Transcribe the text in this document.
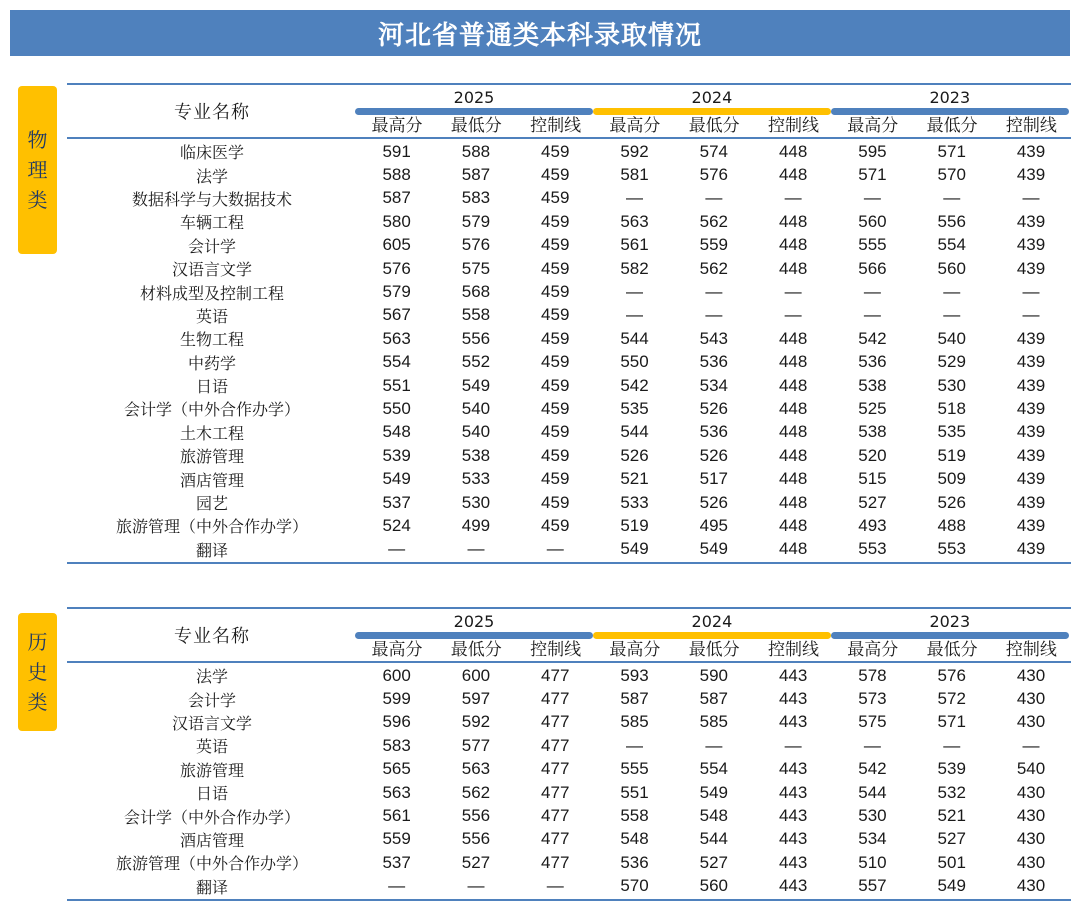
河北省普通类本科录取情况
物
理
类
专业名称
2025
最高分	最低分	控制线
2024
最高分	最低分	控制线
2023
最高分	最低分	控制线
临床医学	591	588	459	592	574	448	595	571	439
法学	588	587	459	581	576	448	571	570	439
数据科学与大数据技术	587	583	459	—	—	—	—	—	—
车辆工程	580	579	459	563	562	448	560	556	439
会计学	605	576	459	561	559	448	555	554	439
汉语言文学	576	575	459	582	562	448	566	560	439
材料成型及控制工程	579	568	459	—	—	—	—	—	—
英语	567	558	459	—	—	—	—	—	—
生物工程	563	556	459	544	543	448	542	540	439
中药学	554	552	459	550	536	448	536	529	439
日语	551	549	459	542	534	448	538	530	439
会计学（中外合作办学）	550	540	459	535	526	448	525	518	439
土木工程	548	540	459	544	536	448	538	535	439
旅游管理	539	538	459	526	526	448	520	519	439
酒店管理	549	533	459	521	517	448	515	509	439
园艺	537	530	459	533	526	448	527	526	439
旅游管理（中外合作办学）	524	499	459	519	495	448	493	488	439
翻译	—	—	—	549	549	448	553	553	439
历
史
类
专业名称
2025
最高分	最低分	控制线
2024
最高分	最低分	控制线
2023
最高分	最低分	控制线
法学	600	600	477	593	590	443	578	576	430
会计学	599	597	477	587	587	443	573	572	430
汉语言文学	596	592	477	585	585	443	575	571	430
英语	583	577	477	—	—	—	—	—	—
旅游管理	565	563	477	555	554	443	542	539	540
日语	563	562	477	551	549	443	544	532	430
会计学（中外合作办学）	561	556	477	558	548	443	530	521	430
酒店管理	559	556	477	548	544	443	534	527	430
旅游管理（中外合作办学）	537	527	477	536	527	443	510	501	430
翻译	—	—	—	570	560	443	557	549	430
